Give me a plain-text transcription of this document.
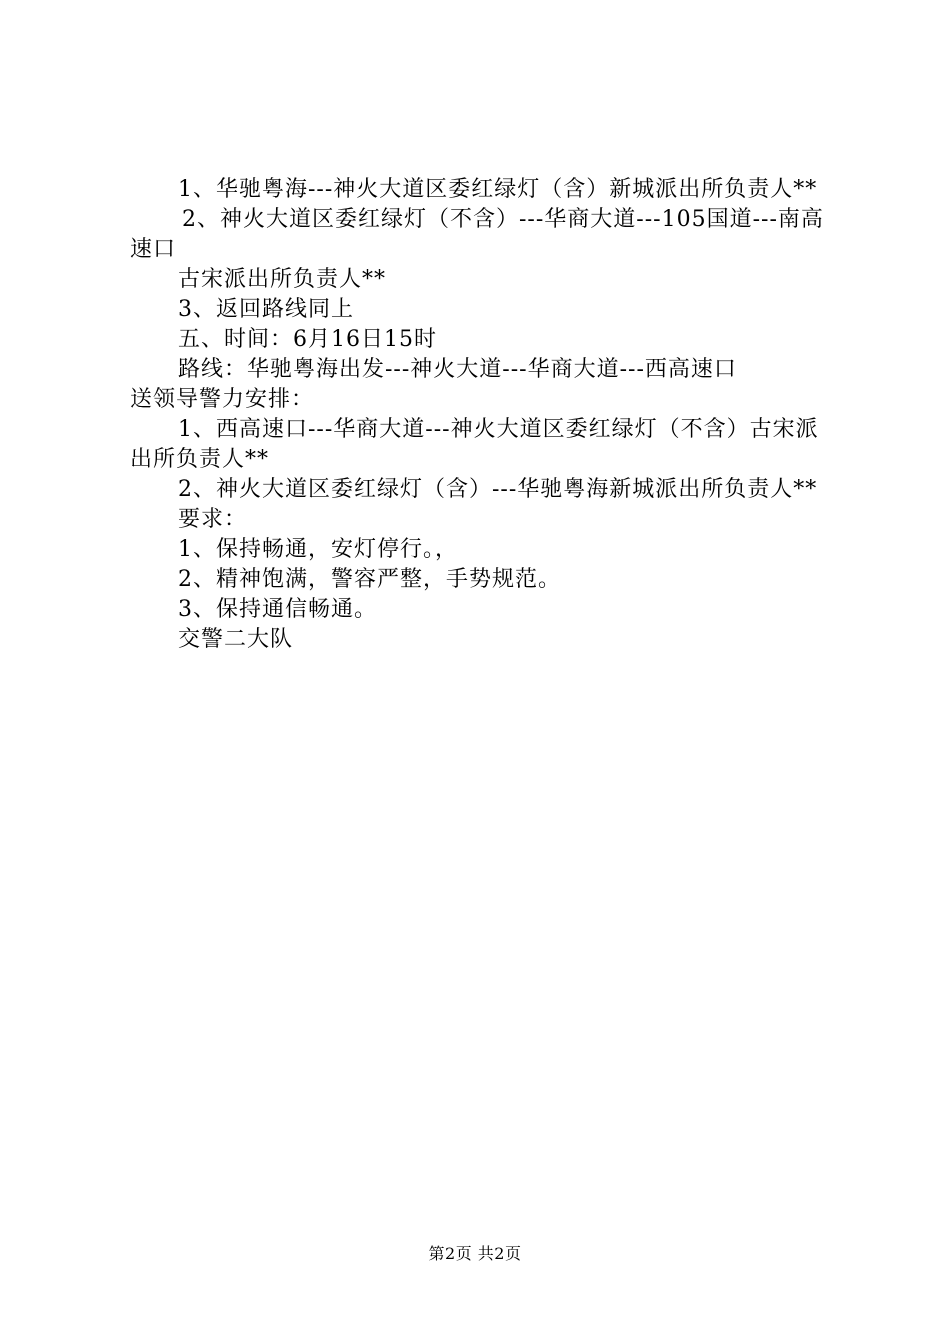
1、华驰粤海---神火大道区委红绿灯（含）新城派出所负责人**

2、神火大道区委红绿灯（不含）---华商大道---105国道---南高速口

古宋派出所负责人**

3、返回路线同上

五、时间：6月16日15时

路线：华驰粤海出发---神火大道---华商大道---西高速口

送领导警力安排：

1、西高速口---华商大道---神火大道区委红绿灯（不含）古宋派出所负责人**

2、神火大道区委红绿灯（含）---华驰粤海新城派出所负责人**

要求：

1、保持畅通，安灯停行。，

2、精神饱满，警容严整，手势规范。

3、保持通信畅通。

交警二大队

第2页 共2页
